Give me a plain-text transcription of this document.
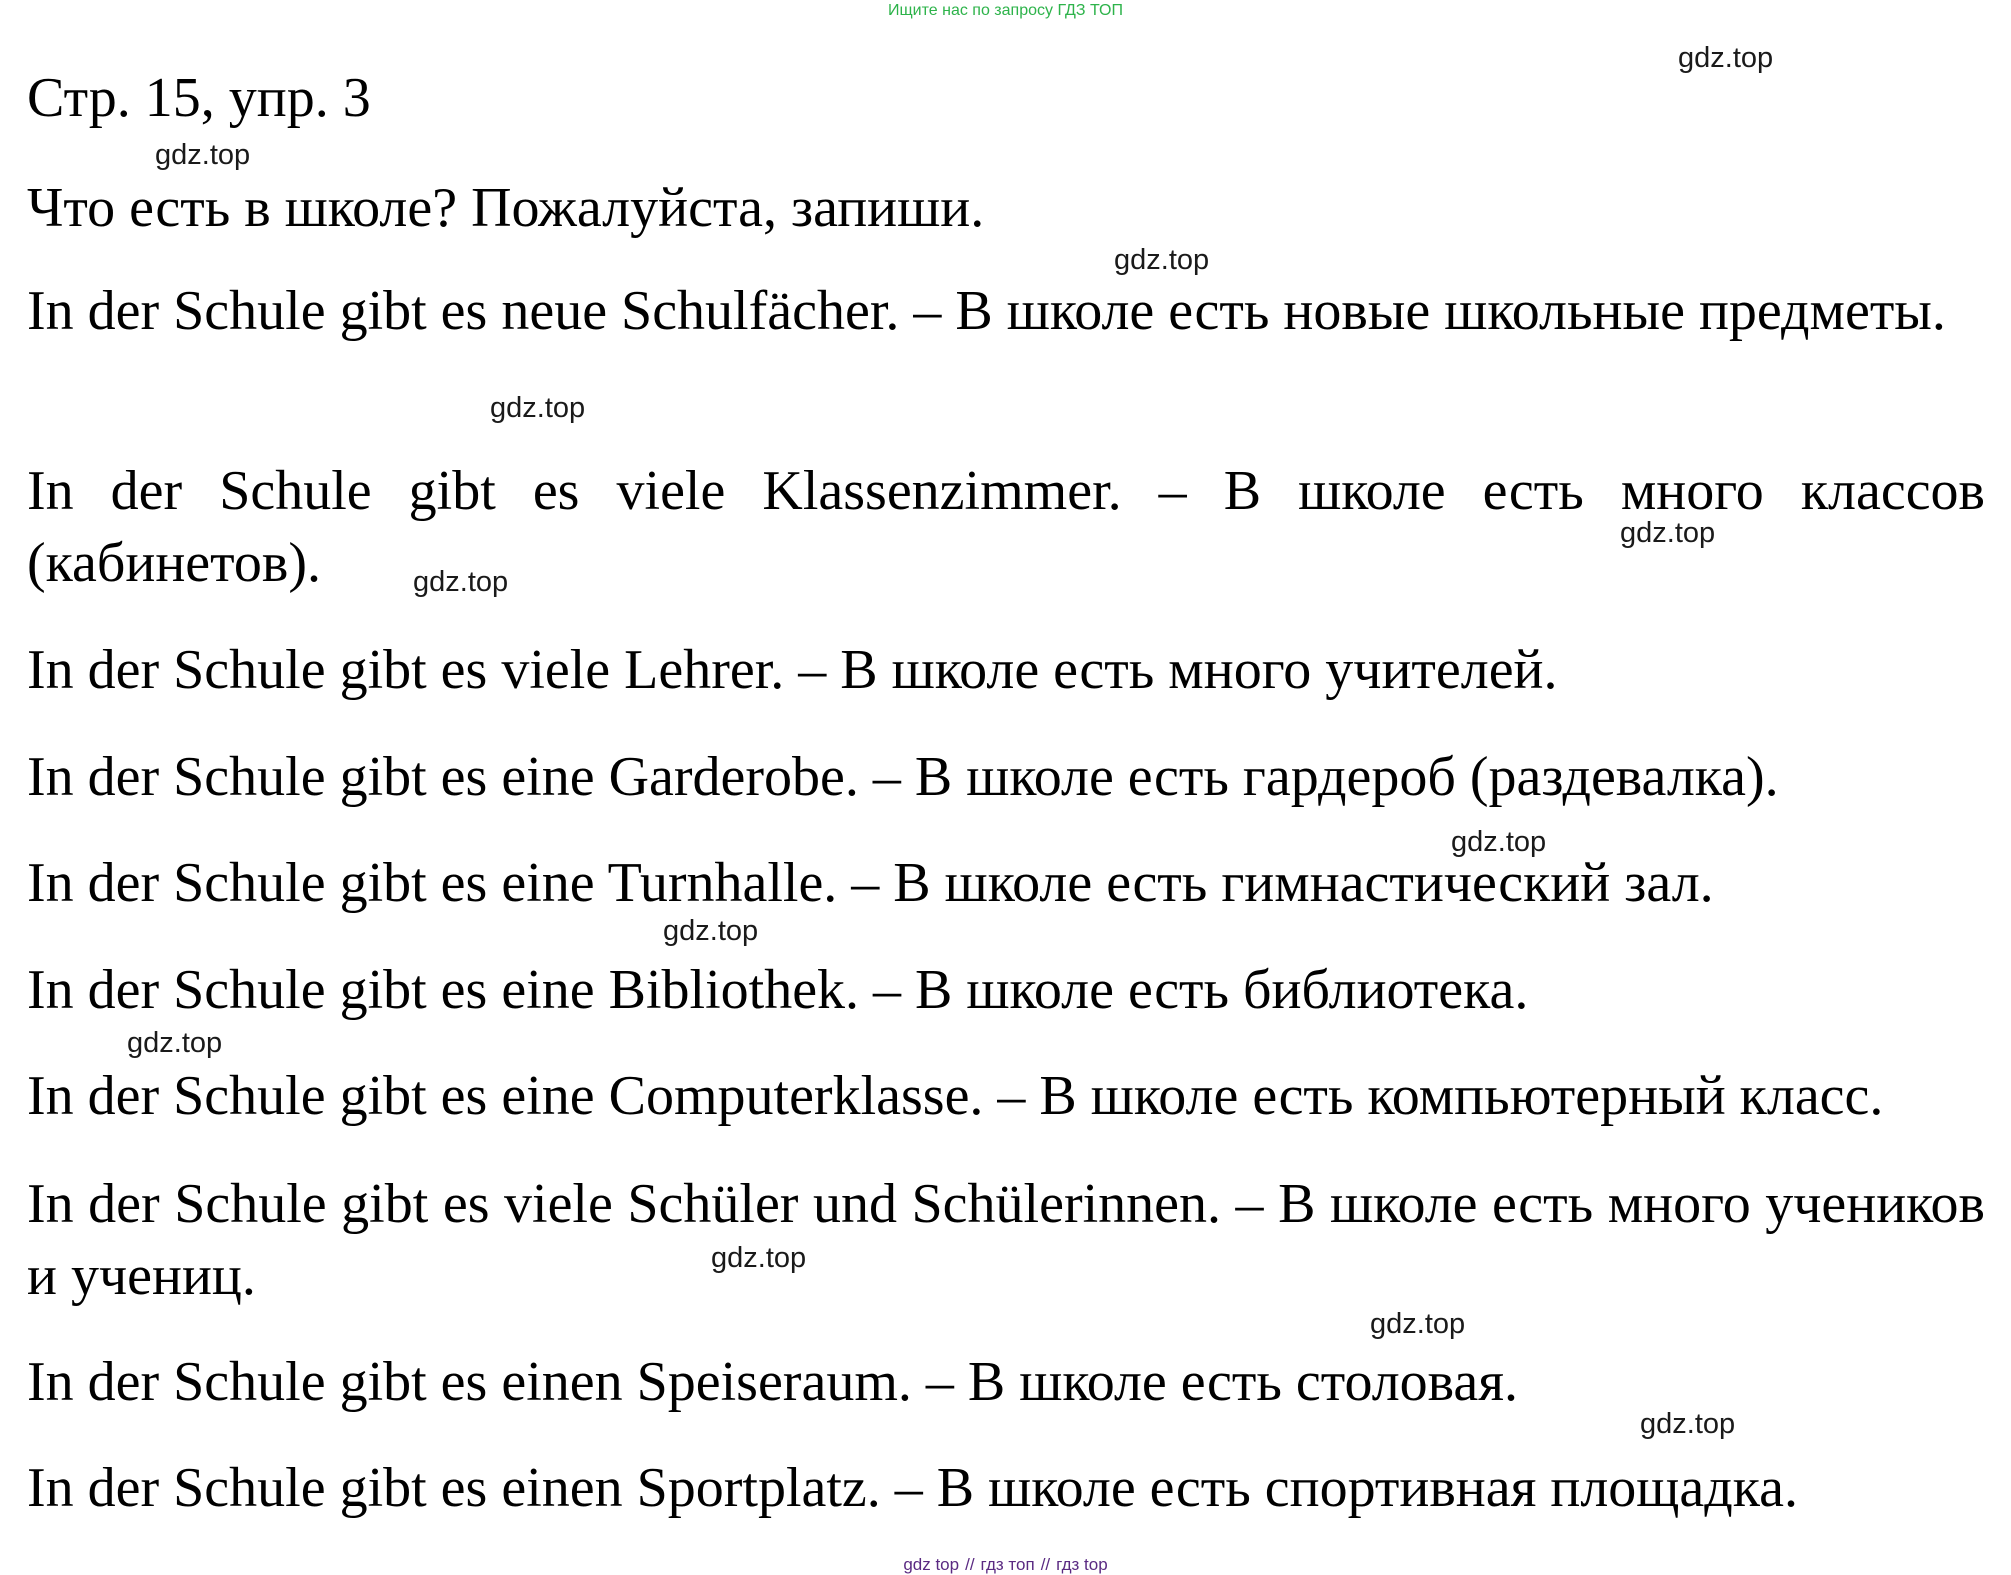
Ищите нас по запросу ГДЗ ТОП
Стр. 15, упр. 3

Что есть в школе? Пожалуйста, запиши.

In der Schule gibt es neue Schulfächer. – В школе есть новые школьные предметы.

In der Schule gibt es viele Klassenzimmer. – В школе есть много классов (кабинетов).

In der Schule gibt es viele Lehrer. – В школе есть много учителей.

In der Schule gibt es eine Garderobe. – В школе есть гардероб (раздевалка).

In der Schule gibt es eine Turnhalle. – В школе есть гимнастический зал.

In der Schule gibt es eine Bibliothek. – В школе есть библиотека.

In der Schule gibt es eine Computerklasse. – В школе есть компьютерный класс.

In der Schule gibt es viele Schüler und Schülerinnen. – В школе есть много учеников и учениц.

In der Schule gibt es einen Speiseraum. – В школе есть столовая.

In der Schule gibt es einen Sportplatz. – В школе есть спортивная площадка.

gdz.top
gdz.top
gdz.top
gdz.top
gdz.top
gdz.top
gdz.top
gdz.top
gdz.top
gdz.top
gdz.top
gdz.top
gdz top // гдз топ // гдз top
